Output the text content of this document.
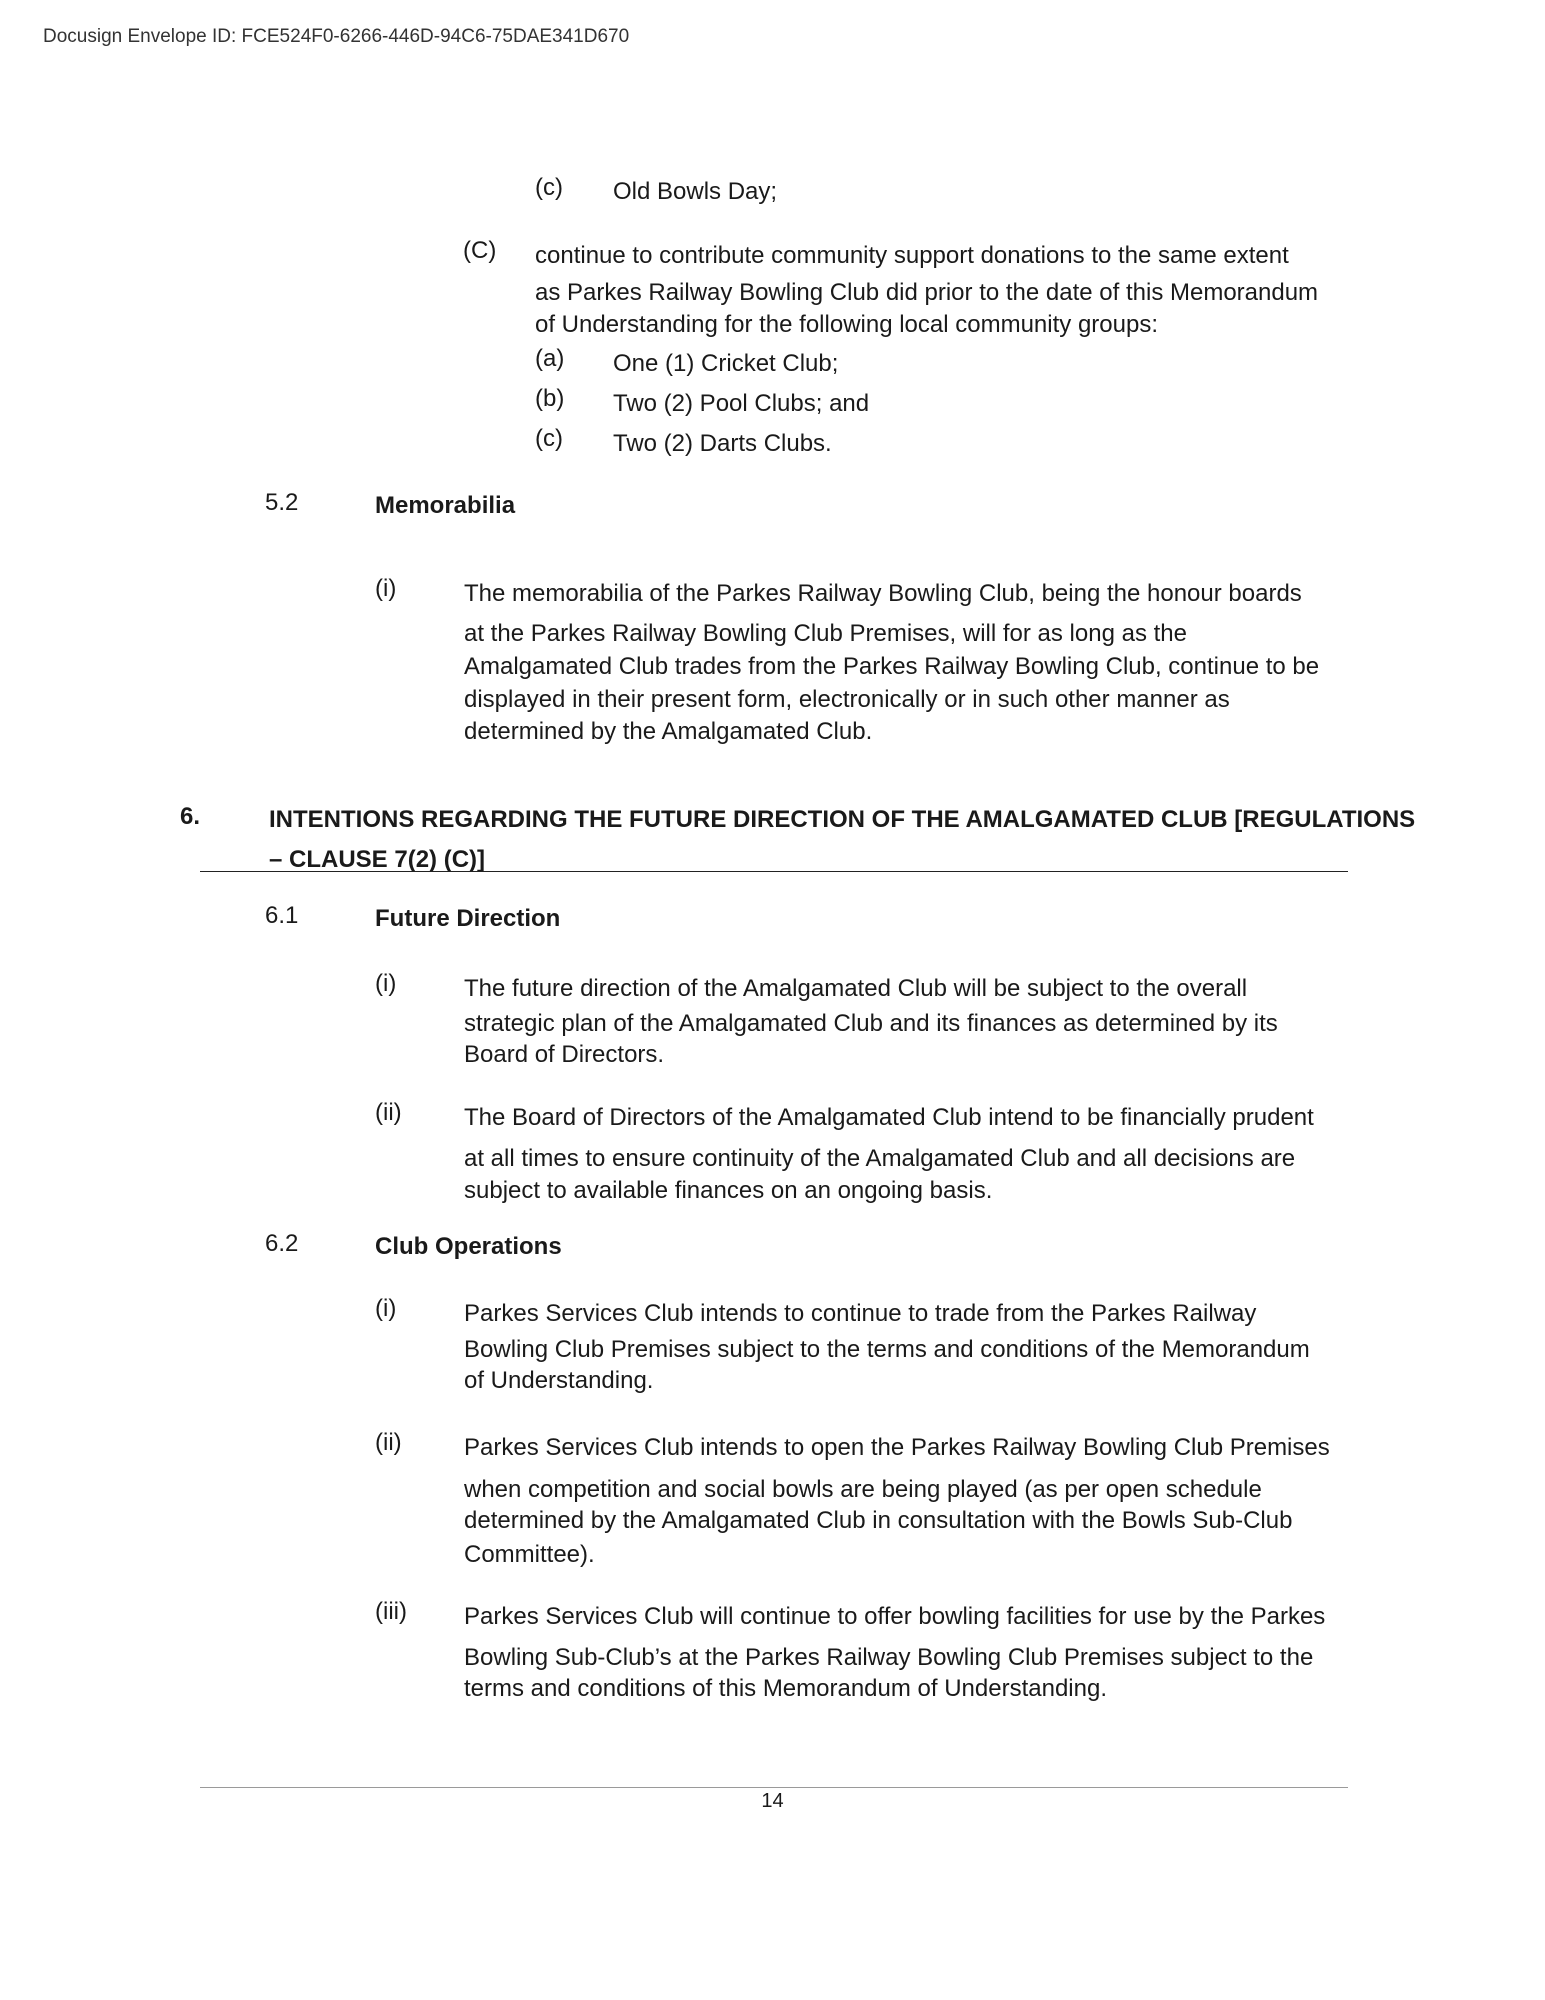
Docusign Envelope ID: FCE524F0-6266-446D-94C6-75DAE341D670
(c) Old Bowls Day;
(C) continue to contribute community support donations to the same extent
as Parkes Railway Bowling Club did prior to the date of this Memorandum
of Understanding for the following local community groups:
(a) One (1) Cricket Club;
(b) Two (2) Pool Clubs; and
(c) Two (2) Darts Clubs.
5.2	Memorabilia
(i)	The memorabilia of the Parkes Railway Bowling Club, being the honour boards
at the Parkes Railway Bowling Club Premises, will for as long as the
Amalgamated Club trades from the Parkes Railway Bowling Club, continue to be
displayed in their present form, electronically or in such other manner as
determined by the Amalgamated Club.
6.	INTENTIONS REGARDING THE FUTURE DIRECTION OF THE AMALGAMATED CLUB [REGULATIONS
– CLAUSE 7(2) (C)]
6.1	Future Direction
(i)	The future direction of the Amalgamated Club will be subject to the overall
strategic plan of the Amalgamated Club and its finances as determined by its
Board of Directors.
(ii)	The Board of Directors of the Amalgamated Club intend to be financially prudent
at all times to ensure continuity of the Amalgamated Club and all decisions are
subject to available finances on an ongoing basis.
6.2	Club Operations
(i)	Parkes Services Club intends to continue to trade from the Parkes Railway
Bowling Club Premises subject to the terms and conditions of the Memorandum
of Understanding.
(ii)	Parkes Services Club intends to open the Parkes Railway Bowling Club Premises
when competition and social bowls are being played (as per open schedule
determined by the Amalgamated Club in consultation with the Bowls Sub-Club
Committee).
(iii) Parkes Services Club will continue to offer bowling facilities for use by the Parkes
Bowling Sub-Club’s at the Parkes Railway Bowling Club Premises subject to the
terms and conditions of this Memorandum of Understanding.
14
